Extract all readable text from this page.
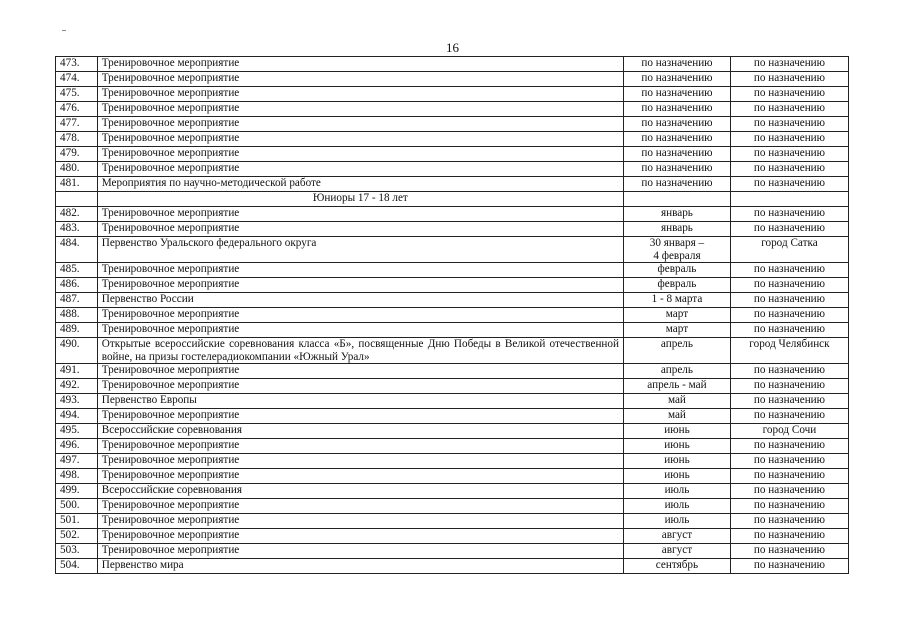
16
473.	Тренировочное мероприятие	по назначению	по назначению
474.	Тренировочное мероприятие	по назначению	по назначению
475.	Тренировочное мероприятие	по назначению	по назначению
476.	Тренировочное мероприятие	по назначению	по назначению
477.	Тренировочное мероприятие	по назначению	по назначению
478.	Тренировочное мероприятие	по назначению	по назначению
479.	Тренировочное мероприятие	по назначению	по назначению
480.	Тренировочное мероприятие	по назначению	по назначению
481.	Мероприятия по научно-методической работе	по назначению	по назначению
	Юниоры 17 - 18 лет		
482.	Тренировочное мероприятие	январь	по назначению
483.	Тренировочное мероприятие	январь	по назначению
484.	Первенство Уральского федерального округа	30 января –
4 февраля	город Сатка
485.	Тренировочное мероприятие	февраль	по назначению
486.	Тренировочное мероприятие	февраль	по назначению
487.	Первенство России	1 - 8 марта	по назначению
488.	Тренировочное мероприятие	март	по назначению
489.	Тренировочное мероприятие	март	по назначению
490.	Открытые всероссийские соревнования класса «Б», посвященные Дню Победы в Великой отечественной войне, на призы гостелерадиокомпании «Южный Урал»	апрель	город Челябинск
491.	Тренировочное мероприятие	апрель	по назначению
492.	Тренировочное мероприятие	апрель - май	по назначению
493.	Первенство Европы	май	по назначению
494.	Тренировочное мероприятие	май	по назначению
495.	Всероссийские соревнования	июнь	город Сочи
496.	Тренировочное мероприятие	июнь	по назначению
497.	Тренировочное мероприятие	июнь	по назначению
498.	Тренировочное мероприятие	июнь	по назначению
499.	Всероссийские соревнования	июль	по назначению
500.	Тренировочное мероприятие	июль	по назначению
501.	Тренировочное мероприятие	июль	по назначению
502.	Тренировочное мероприятие	август	по назначению
503.	Тренировочное мероприятие	август	по назначению
504.	Первенство мира	сентябрь	по назначению
